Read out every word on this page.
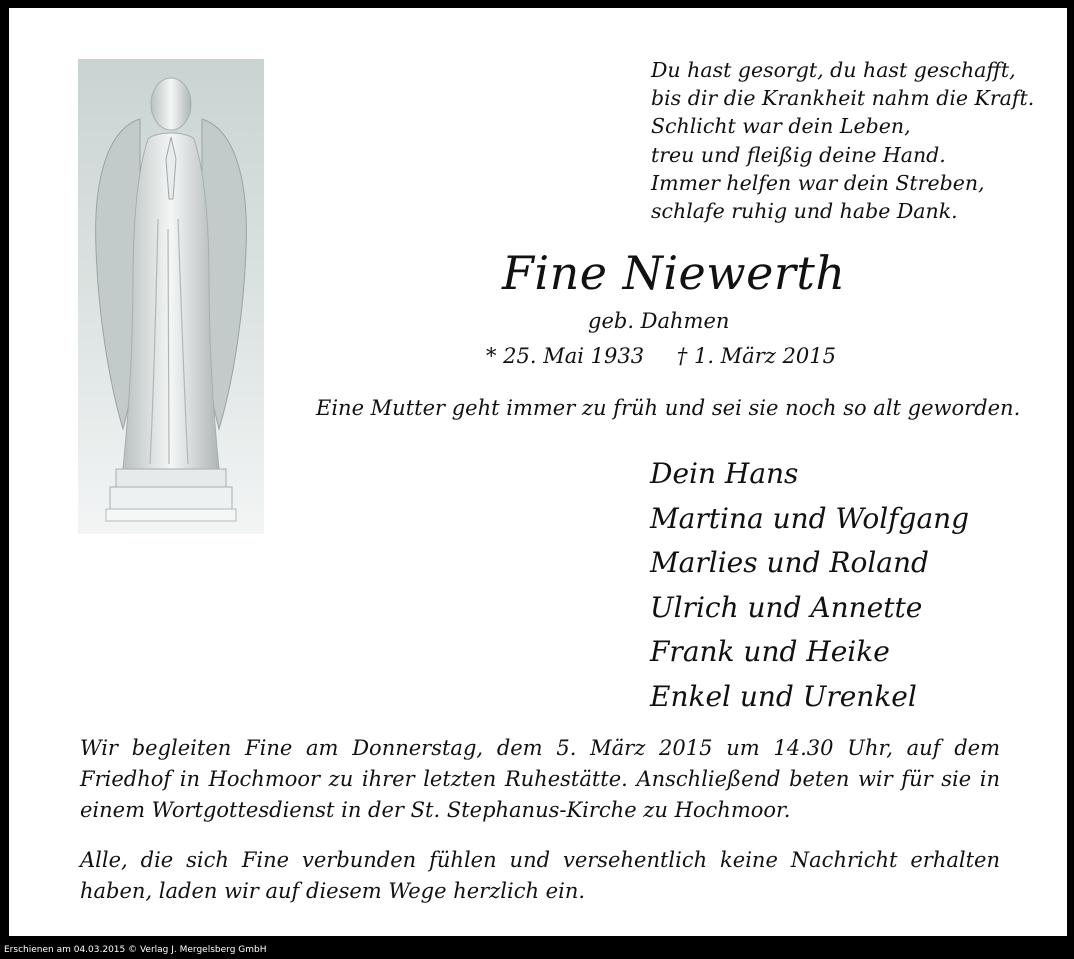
Du hast gesorgt, du hast geschafft,
bis dir die Krankheit nahm die Kraft.
Schlicht war dein Leben,
treu und fleißig deine Hand.
Immer helfen war dein Streben,
schlafe ruhig und habe Dank.
Fine Niewerth
geb. Dahmen
* 25. Mai 1933 † 1. März 2015
Eine Mutter geht immer zu früh und sei sie noch so alt geworden.
Dein Hans
Martina und Wolfgang
Marlies und Roland
Ulrich und Annette
Frank und Heike
Enkel und Urenkel
Wir begleiten Fine am Donnerstag, dem 5. März 2015 um 14.30 Uhr, auf dem Friedhof in Hochmoor zu ihrer letzten Ruhestätte. Anschließend beten wir für sie in einem Wortgottesdienst in der St. Stephanus-Kirche zu Hochmoor.
Alle, die sich Fine verbunden fühlen und versehentlich keine Nachricht erhalten haben, laden wir auf diesem Wege herzlich ein.
Erschienen am 04.03.2015 © Verlag J. Mergelsberg GmbH
